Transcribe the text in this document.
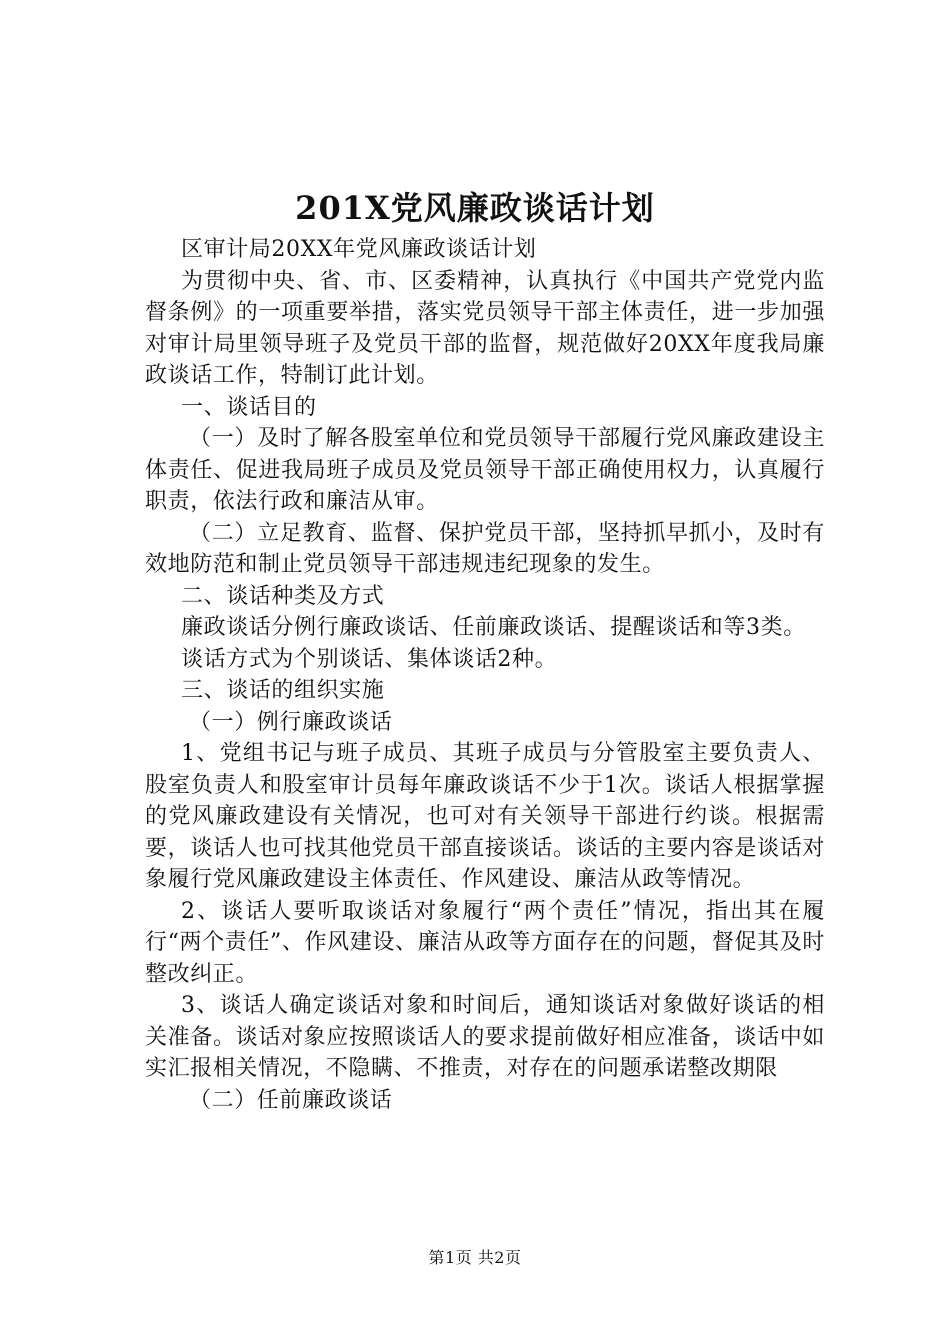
201X党风廉政谈话计划

区审计局20XX年党风廉政谈话计划

为贯彻中央、省、市、区委精神，认真执行《中国共产党党内监督条例》的一项重要举措，落实党员领导干部主体责任，进一步加强对审计局里领导班子及党员干部的监督，规范做好20XX年度我局廉政谈话工作，特制订此计划。

一、谈话目的

（一）及时了解各股室单位和党员领导干部履行党风廉政建设主体责任、促进我局班子成员及党员领导干部正确使用权力，认真履行职责，依法行政和廉洁从审。

（二）立足教育、监督、保护党员干部，坚持抓早抓小，及时有效地防范和制止党员领导干部违规违纪现象的发生。

二、谈话种类及方式

廉政谈话分例行廉政谈话、任前廉政谈话、提醒谈话和等3类。

谈话方式为个别谈话、集体谈话2种。

三、谈话的组织实施

（一）例行廉政谈话

1、党组书记与班子成员、其班子成员与分管股室主要负责人、股室负责人和股室审计员每年廉政谈话不少于1次。谈话人根据掌握的党风廉政建设有关情况，也可对有关领导干部进行约谈。根据需要，谈话人也可找其他党员干部直接谈话。谈话的主要内容是谈话对象履行党风廉政建设主体责任、作风建设、廉洁从政等情况。

2、谈话人要听取谈话对象履行“两个责任”情况，指出其在履行“两个责任”、作风建设、廉洁从政等方面存在的问题，督促其及时整改纠正。

3、谈话人确定谈话对象和时间后，通知谈话对象做好谈话的相关准备。谈话对象应按照谈话人的要求提前做好相应准备，谈话中如实汇报相关情况，不隐瞒、不推责，对存在的问题承诺整改期限

（二）任前廉政谈话

第1页 共2页
